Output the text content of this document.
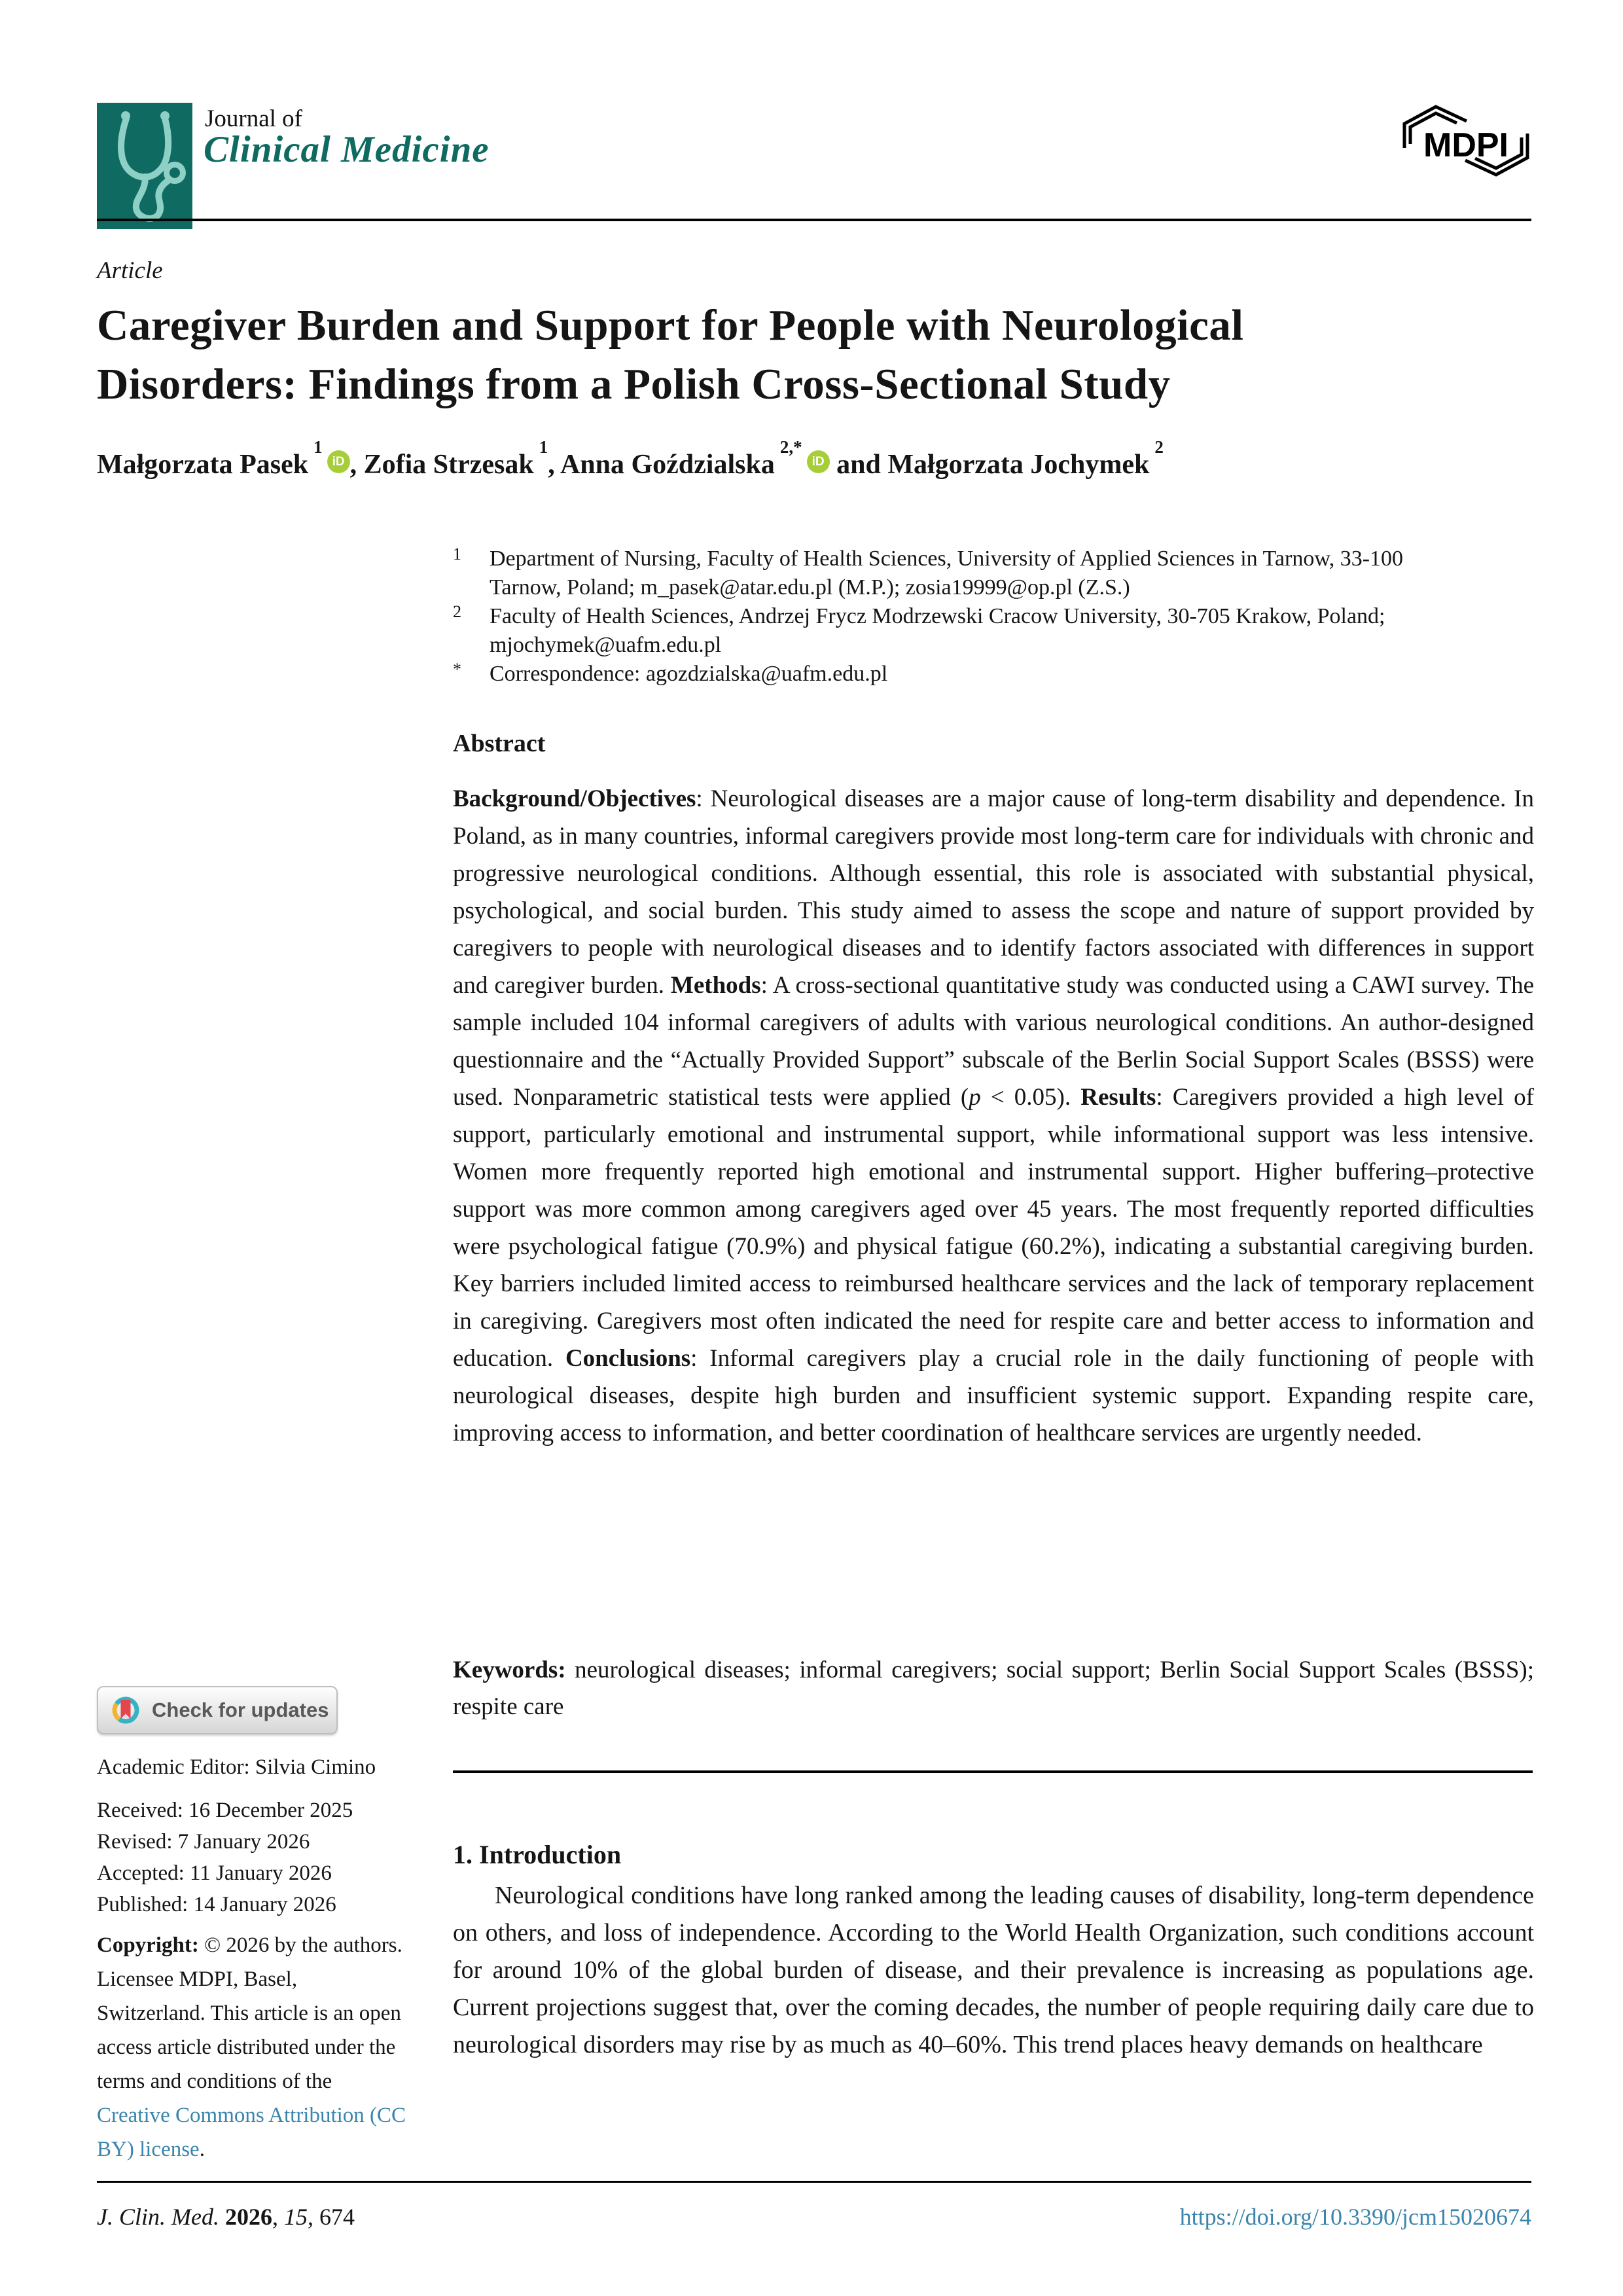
Journal of
Clinical Medicine	MDPI
Article
Caregiver Burden and Support for People with Neurological
Disorders: Findings from a Polish Cross-Sectional Study
Małgorzata Pasek$^1$iD , Zofia Strzesak$^1$, Anna Goździalska$^{2,*}$iD and Małgorzata Jochymek$^2$
1	Department of Nursing, Faculty of Health Sciences, University of Applied Sciences in Tarnow, 33-100 Tarnow, Poland; m_pasek@atar.edu.pl (M.P.); zosia19999@op.pl (Z.S.)
2	Faculty of Health Sciences, Andrzej Frycz Modrzewski Cracow University, 30-705 Krakow, Poland; mjochymek@uafm.edu.pl
*	Correspondence: agozdzialska@uafm.edu.pl
Abstract
Background/Objectives: Neurological diseases are a major cause of long-term disability and dependence. In Poland, as in many countries, informal caregivers provide most long-term care for individuals with chronic and progressive neurological conditions. Although essential, this role is associated with substantial physical, psychological, and social burden. This study aimed to assess the scope and nature of support provided by caregivers to people with neurological diseases and to identify factors associated with differences in support and caregiver burden. Methods: A cross-sectional quantitative study was conducted using a CAWI survey. The sample included 104 informal caregivers of adults with various neurological conditions. An author-designed questionnaire and the “Actually Provided Support” subscale of the Berlin Social Support Scales (BSSS) were used. Nonparametric statistical tests were applied (p < 0.05). Results: Caregivers provided a high level of support, particularly emotional and instrumental support, while informational support was less intensive. Women more frequently reported high emotional and instrumental support. Higher buffering–protective support was more common among caregivers aged over 45 years. The most frequently reported difficulties were psychological fatigue (70.9%) and physical fatigue (60.2%), indicating a substantial caregiving burden. Key barriers included limited access to reimbursed healthcare services and the lack of temporary replacement in caregiving. Caregivers most often indicated the need for respite care and better access to information and education. Conclusions: Informal caregivers play a crucial role in the daily functioning of people with neurological diseases, despite high burden and insufficient systemic support. Expanding respite care, improving access to information, and better coordination of healthcare services are urgently needed.
Keywords: neurological diseases; informal caregivers; social support; Berlin Social Support Scales (BSSS); respite care
1. Introduction
Neurological conditions have long ranked among the leading causes of disability, long-term dependence on others, and loss of independence. According to the World Health Organization, such conditions account for around 10% of the global burden of disease, and their prevalence is increasing as populations age. Current projections suggest that, over the coming decades, the number of people requiring daily care due to neurological disorders may rise by as much as 40–60%. This trend places heavy demands on healthcare
Check for updates
Academic Editor: Silvia Cimino
Received: 16 December 2025
Revised: 7 January 2026
Accepted: 11 January 2026
Published: 14 January 2026
Copyright: © 2026 by the authors. Licensee MDPI, Basel, Switzerland. This article is an open access article distributed under the terms and conditions of the Creative Commons Attribution (CC BY) license.
J. Clin. Med. 2026, 15, 674	https://doi.org/10.3390/jcm15020674
